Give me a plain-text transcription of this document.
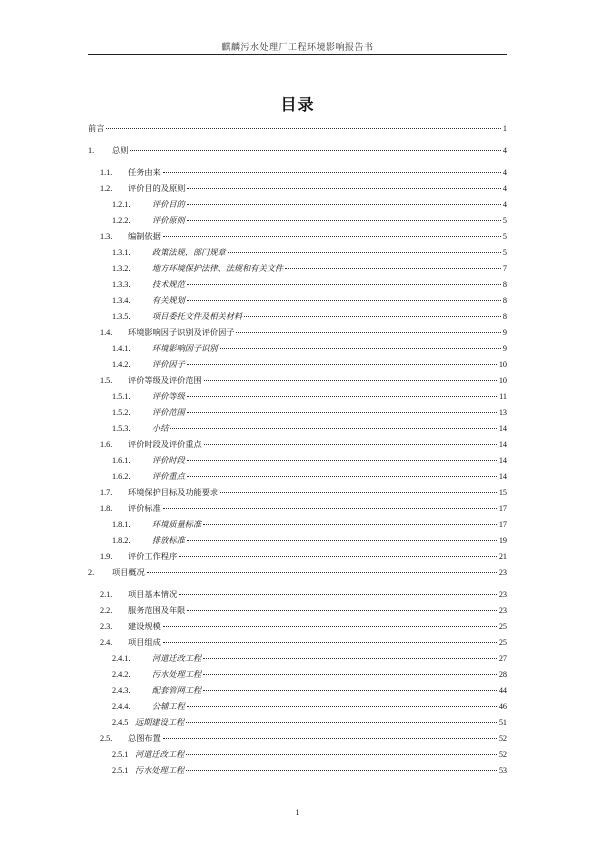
麒麟污水处理厂工程环境影响报告书
目录
前言	1
1.	总则	4
1.1.	任务由来	4
1.2.	评价目的及原则	4
1.2.1.	评价目的	4
1.2.2.	评价原则	5
1.3.	编制依据	5
1.3.1.	政策法规、部门规章	5
1.3.2.	地方环境保护法律、法规和有关文件	7
1.3.3.	技术规范	8
1.3.4.	有关规划	8
1.3.5.	项目委托文件及相关材料	8
1.4.	环境影响因子识别及评价因子	9
1.4.1.	环境影响因子识别	9
1.4.2.	评价因子	10
1.5.	评价等级及评价范围	10
1.5.1.	评价等级	11
1.5.2.	评价范围	13
1.5.3.	小结	14
1.6.	评价时段及评价重点	14
1.6.1.	评价时段	14
1.6.2.	评价重点	14
1.7.	环境保护目标及功能要求	15
1.8.	评价标准	17
1.8.1.	环境质量标准	17
1.8.2.	排放标准	19
1.9.	评价工作程序	21
2.	项目概况	23
2.1.	项目基本情况	23
2.2.	服务范围及年限	23
2.3.	建设规模	25
2.4.	项目组成	25
2.4.1.	河道迁改工程	27
2.4.2.	污水处理工程	28
2.4.3.	配套管网工程	44
2.4.4.	公辅工程	46
2.4.5 远期建设工程	51
2.5.	总图布置	52
2.5.1 河道迁改工程	52
2.5.1 污水处理工程	53
1
